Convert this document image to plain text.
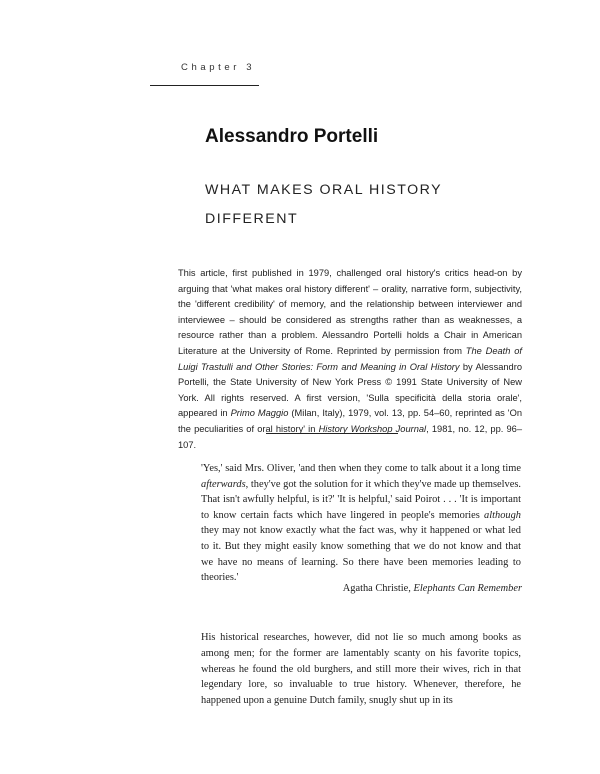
Chapter 3
Alessandro Portelli
WHAT MAKES ORAL HISTORY
DIFFERENT

This article, first published in 1979, challenged oral history's critics head-on by arguing that 'what makes oral history different' – orality, narrative form, subjectivity, the 'different credibility' of memory, and the relationship between interviewer and interviewee – should be considered as strengths rather than as weaknesses, a resource rather than a problem. Alessandro Portelli holds a Chair in American Literature at the University of Rome. Reprinted by permission from The Death of Luigi Trastulli and Other Stories: Form and Meaning in Oral History by Alessandro Portelli, the State University of New York Press © 1991 State University of New York. All rights reserved. A first version, 'Sulla specificità della storia orale', appeared in Primo Maggio (Milan, Italy), 1979, vol. 13, pp. 54–60, reprinted as 'On the peculiarities of oral history' in History Workshop Journal, 1981, no. 12, pp. 96–107.

'Yes,' said Mrs. Oliver, 'and then when they come to talk about it a long time afterwards, they've got the solution for it which they've made up themselves. That isn't awfully helpful, is it?' 'It is helpful,' said Poirot . . . 'It is important to know certain facts which have lingered in people's memories although they may not know exactly what the fact was, why it happened or what led to it. But they might easily know something that we do not know and that we have no means of learning. So there have been memories leading to theories.'

Agatha Christie, Elephants Can Remember

His historical researches, however, did not lie so much among books as among men; for the former are lamentably scanty on his favorite topics, whereas he found the old burghers, and still more their wives, rich in that legendary lore, so invaluable to true history. Whenever, therefore, he happened upon a genuine Dutch family, snugly shut up in its
